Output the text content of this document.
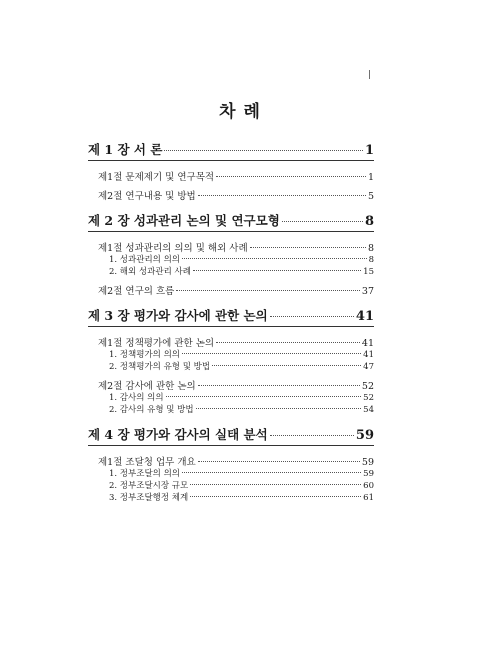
|
차 례
제 1 장 서 론	1
제1절 문제제기 및 연구목적	1
제2절 연구내용 및 방법	5
제 2 장 성과관리 논의 및 연구모형	8
제1절 성과관리의 의의 및 해외 사례	8
1. 성과관리의 의의	8
2. 해외 성과관리 사례	15
제2절 연구의 흐름	37
제 3 장 평가와 감사에 관한 논의	41
제1절 정책평가에 관한 논의	41
1. 정책평가의 의의	41
2. 정책평가의 유형 및 방법	47
제2절 감사에 관한 논의	52
1. 감사의 의의	52
2. 감사의 유형 및 방법	54
제 4 장 평가와 감사의 실태 분석	59
제1절 조달청 업무 개요	59
1. 정부조달의 의의	59
2. 정부조달시장 규모	60
3. 정부조달행정 체계	61
